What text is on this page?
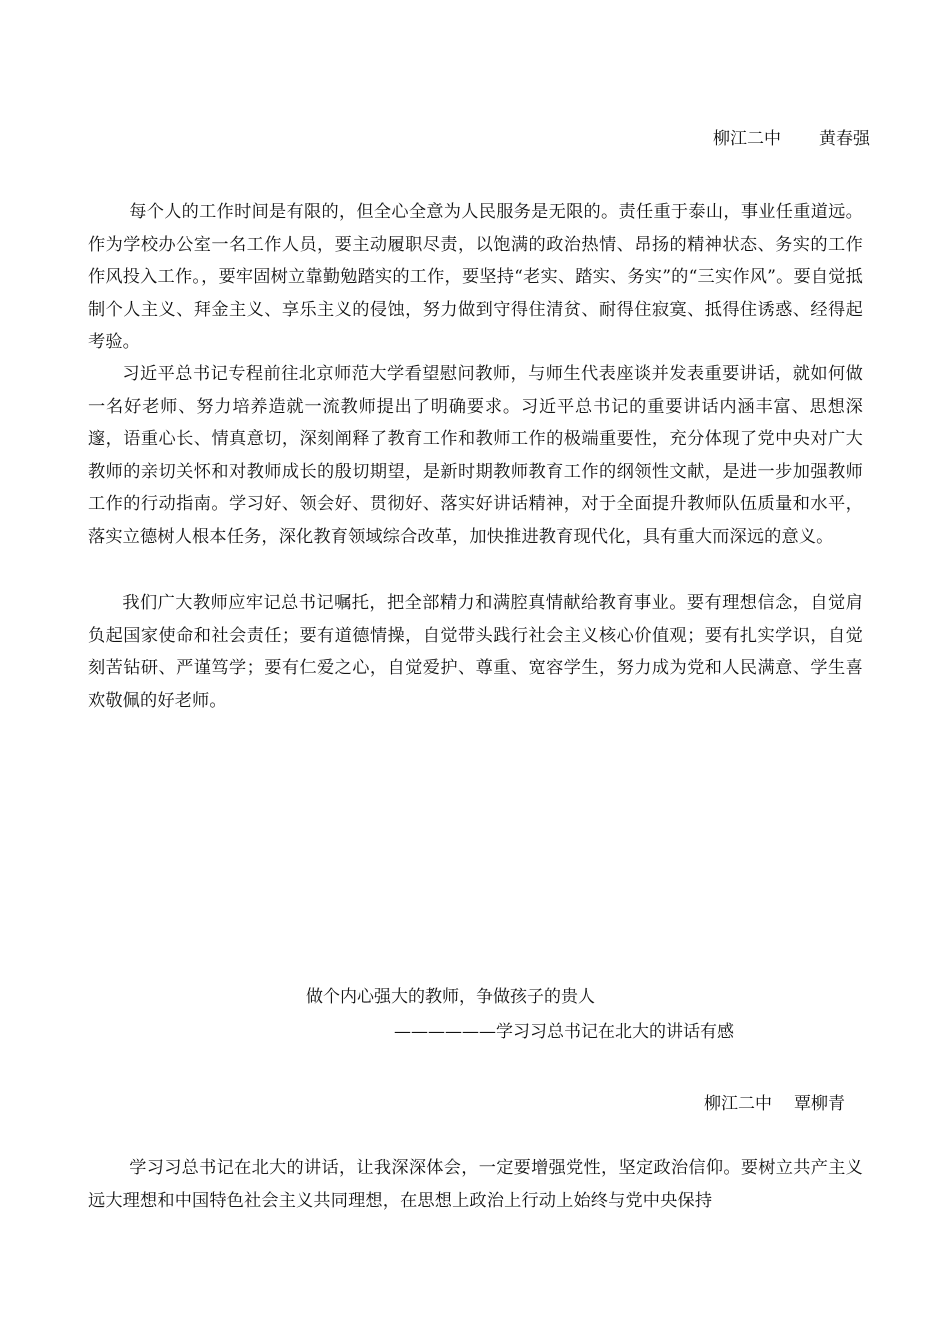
柳江二中 黄春强

每个人的工作时间是有限的，但全心全意为人民服务是无限的。责任重于泰山，事业任重道远。作为学校办公室一名工作人员，要主动履职尽责，以饱满的政治热情、昂扬的精神状态、务实的工作作风投入工作。，要牢固树立靠勤勉踏实的工作，要坚持“老实、踏实、务实”的“三实作风”。要自觉抵制个人主义、拜金主义、享乐主义的侵蚀，努力做到守得住清贫、耐得住寂寞、抵得住诱惑、经得起考验。

习近平总书记专程前往北京师范大学看望慰问教师，与师生代表座谈并发表重要讲话，就如何做一名好老师、努力培养造就一流教师提出了明确要求。习近平总书记的重要讲话内涵丰富、思想深邃，语重心长、情真意切，深刻阐释了教育工作和教师工作的极端重要性，充分体现了党中央对广大教师的亲切关怀和对教师成长的殷切期望，是新时期教师教育工作的纲领性文献，是进一步加强教师工作的行动指南。学习好、领会好、贯彻好、落实好讲话精神，对于全面提升教师队伍质量和水平，落实立德树人根本任务，深化教育领域综合改革，加快推进教育现代化，具有重大而深远的意义。

我们广大教师应牢记总书记嘱托，把全部精力和满腔真情献给教育事业。要有理想信念，自觉肩负起国家使命和社会责任；要有道德情操，自觉带头践行社会主义核心价值观；要有扎实学识，自觉刻苦钻研、严谨笃学；要有仁爱之心，自觉爱护、尊重、宽容学生，努力成为党和人民满意、学生喜欢敬佩的好老师。

做个内心强大的教师，争做孩子的贵人
——————学习习总书记在北大的讲话有感
柳江二中 覃柳青

学习习总书记在北大的讲话，让我深深体会，一定要增强党性，坚定政治信仰。要树立共产主义远大理想和中国特色社会主义共同理想，在思想上政治上行动上始终与党中央保持
